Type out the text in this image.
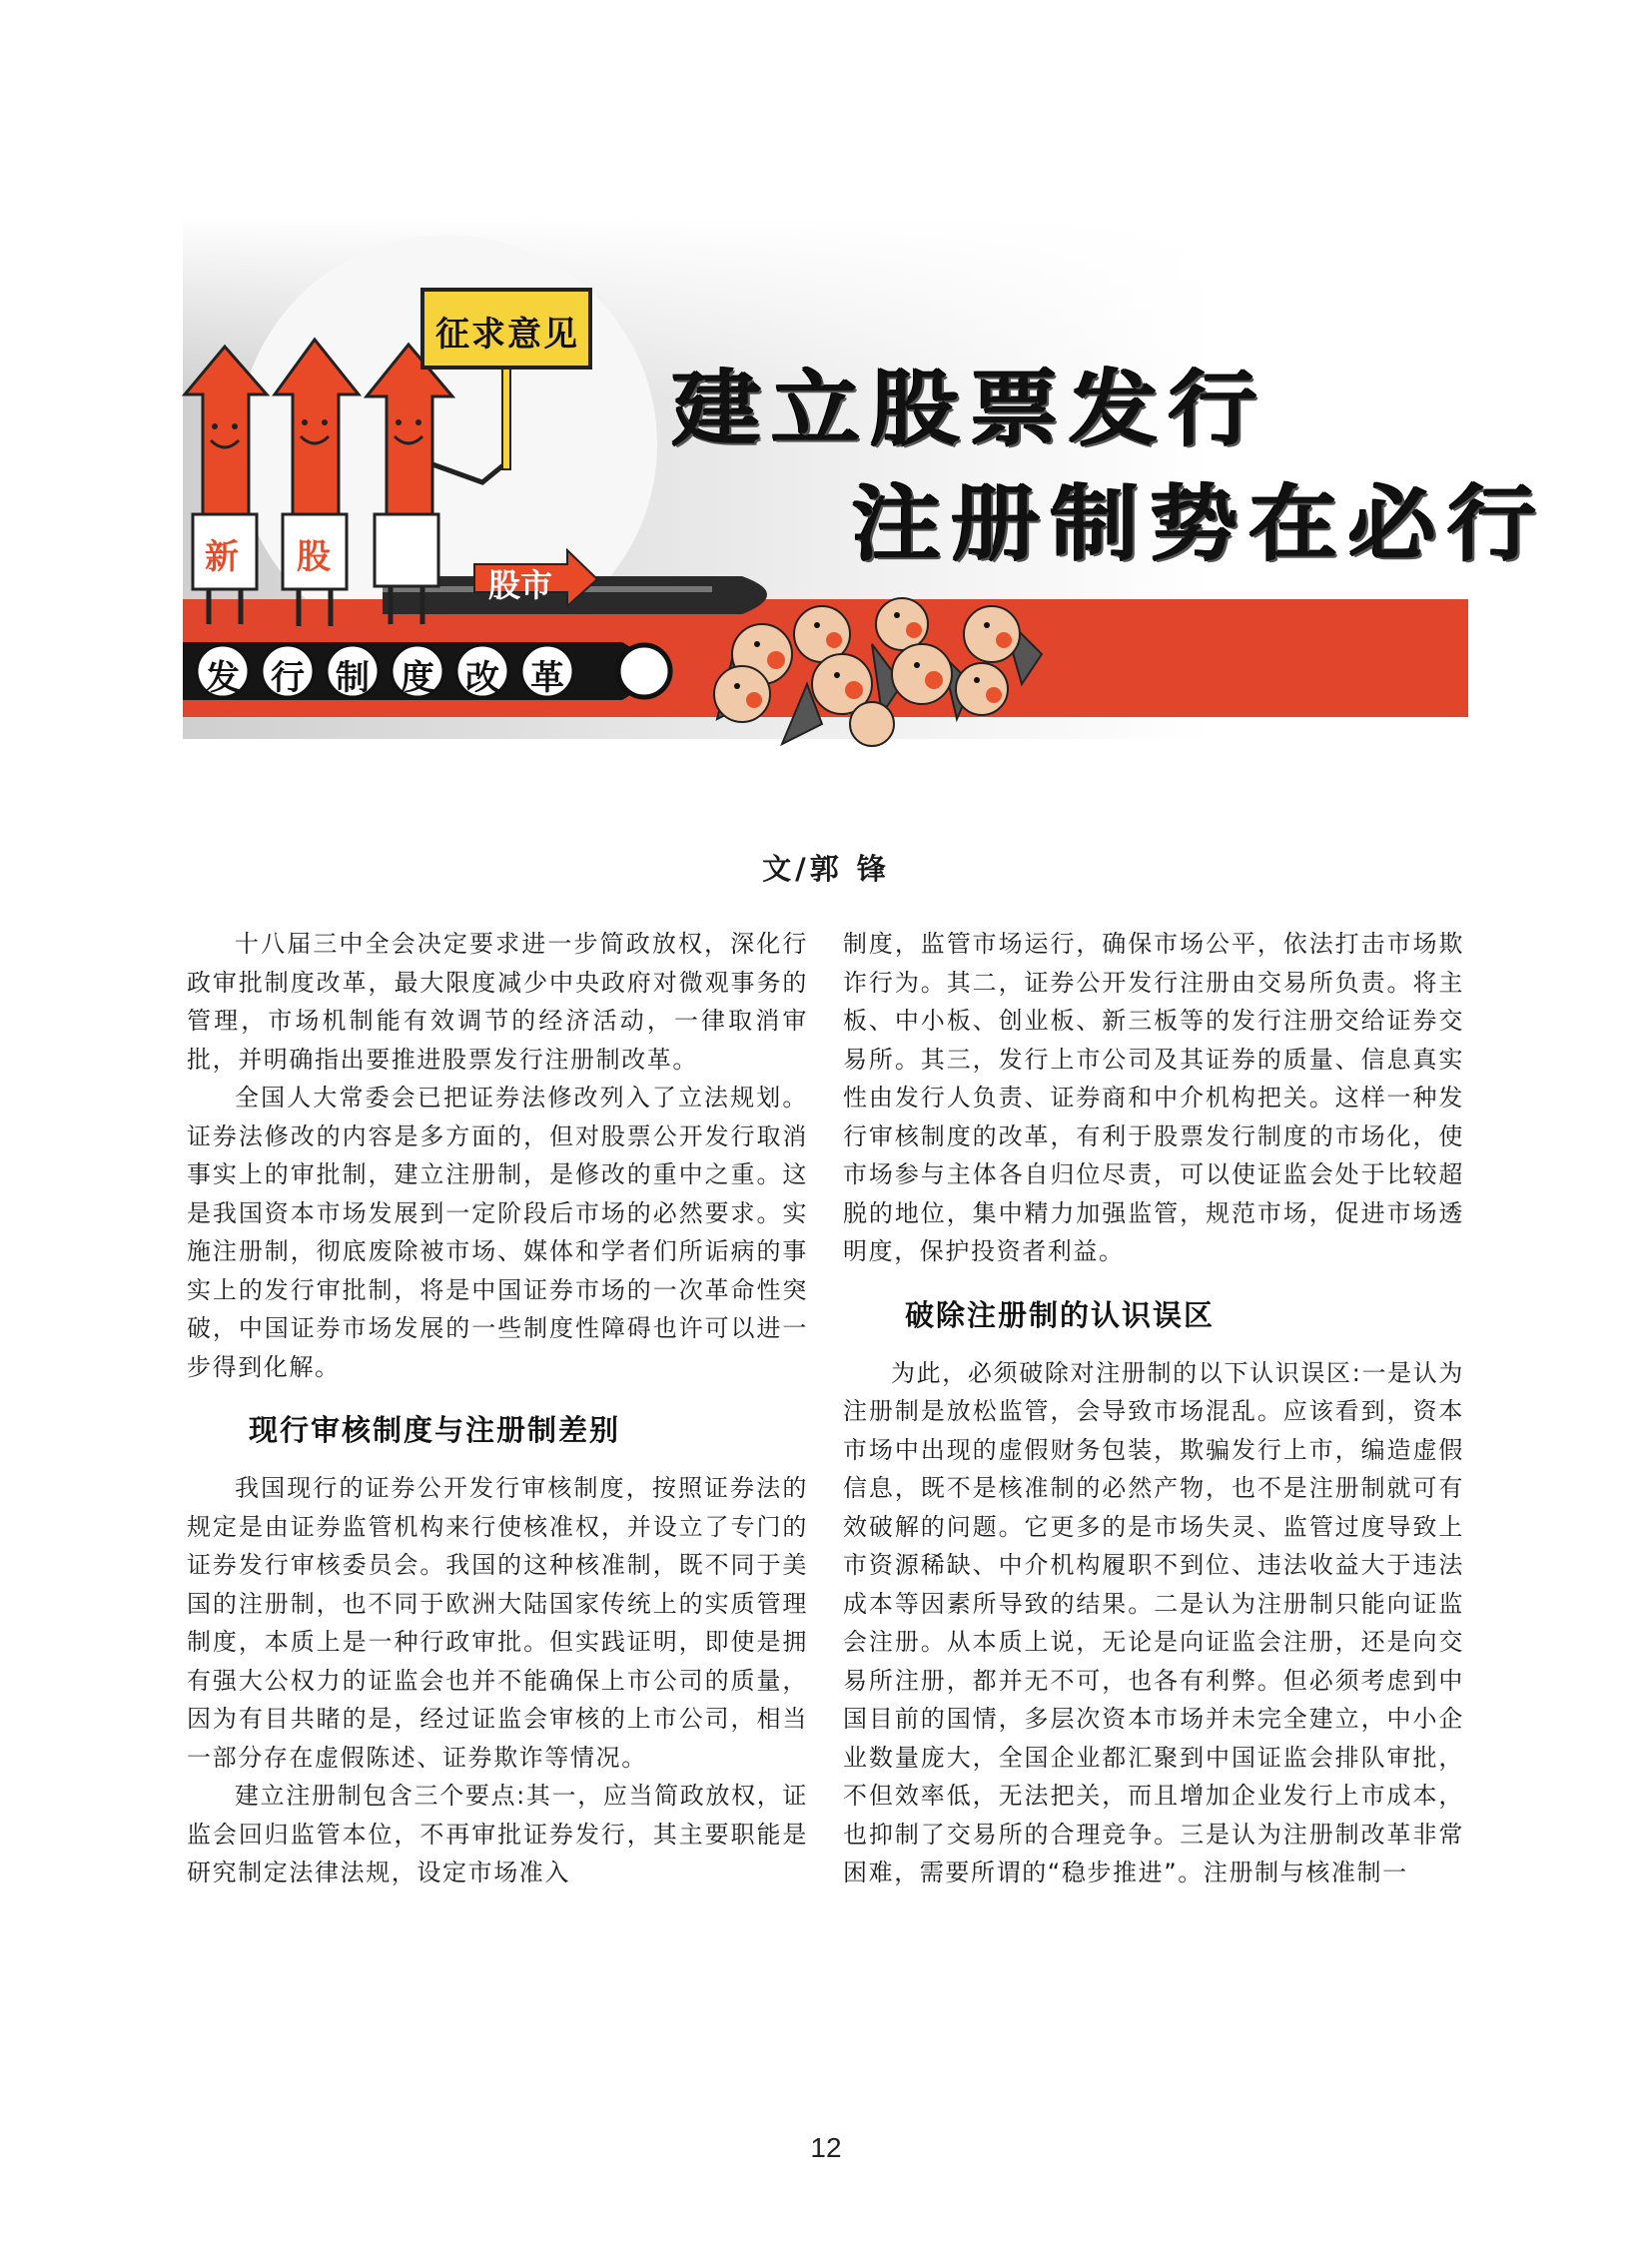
征求意见
新 股
股市
发 行 制 度 改 革
建立股票发行
注册制势在必行

文/郭 锋

十八届三中全会决定要求进一步简政放权，深化行政审批制度改革，最大限度减少中央政府对微观事务的管理，市场机制能有效调节的经济活动，一律取消审批，并明确指出要推进股票发行注册制改革。

全国人大常委会已把证券法修改列入了立法规划。证券法修改的内容是多方面的，但对股票公开发行取消事实上的审批制，建立注册制，是修改的重中之重。这是我国资本市场发展到一定阶段后市场的必然要求。实施注册制，彻底废除被市场、媒体和学者们所诟病的事实上的发行审批制，将是中国证券市场的一次革命性突破，中国证券市场发展的一些制度性障碍也许可以进一步得到化解。

现行审核制度与注册制差别

我国现行的证券公开发行审核制度，按照证券法的规定是由证券监管机构来行使核准权，并设立了专门的证券发行审核委员会。我国的这种核准制，既不同于美国的注册制，也不同于欧洲大陆国家传统上的实质管理制度，本质上是一种行政审批。但实践证明，即使是拥有强大公权力的证监会也并不能确保上市公司的质量，因为有目共睹的是，经过证监会审核的上市公司，相当一部分存在虚假陈述、证券欺诈等情况。

建立注册制包含三个要点:其一，应当简政放权，证监会回归监管本位，不再审批证券发行，其主要职能是研究制定法律法规，设定市场准入

制度，监管市场运行，确保市场公平，依法打击市场欺诈行为。其二，证券公开发行注册由交易所负责。将主板、中小板、创业板、新三板等的发行注册交给证券交易所。其三，发行上市公司及其证券的质量、信息真实性由发行人负责、证券商和中介机构把关。这样一种发行审核制度的改革，有利于股票发行制度的市场化，使市场参与主体各自归位尽责，可以使证监会处于比较超脱的地位，集中精力加强监管，规范市场，促进市场透明度，保护投资者利益。

破除注册制的认识误区

为此，必须破除对注册制的以下认识误区:一是认为注册制是放松监管，会导致市场混乱。应该看到，资本市场中出现的虚假财务包装，欺骗发行上市，编造虚假信息，既不是核准制的必然产物，也不是注册制就可有效破解的问题。它更多的是市场失灵、监管过度导致上市资源稀缺、中介机构履职不到位、违法收益大于违法成本等因素所导致的结果。二是认为注册制只能向证监会注册。从本质上说，无论是向证监会注册，还是向交易所注册，都并无不可，也各有利弊。但必须考虑到中国目前的国情，多层次资本市场并未完全建立，中小企业数量庞大，全国企业都汇聚到中国证监会排队审批，不但效率低，无法把关，而且增加企业发行上市成本，也抑制了交易所的合理竞争。三是认为注册制改革非常困难，需要所谓的“稳步推进”。注册制与核准制一

12
